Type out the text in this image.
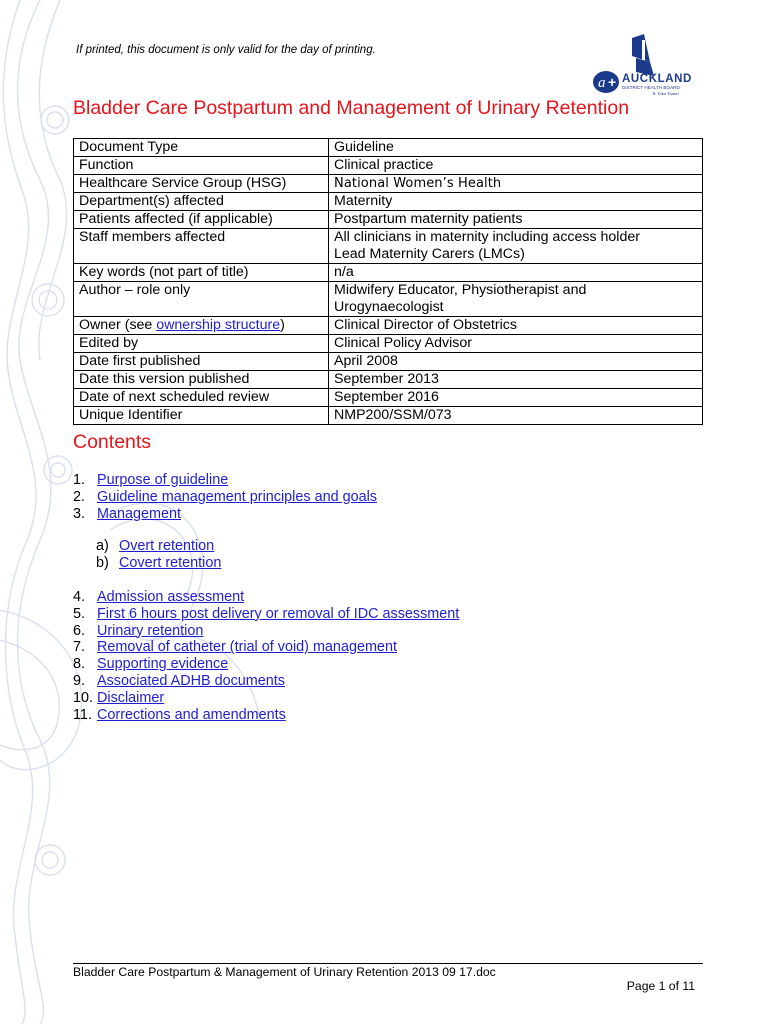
If printed, this document is only valid for the day of printing.
a + AUCKLAND
DISTRICT HEALTH BOARD
Te Toka Tumai
Bladder Care Postpartum and Management of Urinary Retention
Document Type	Guideline

Function	Clinical practice

Healthcare Service Group (HSG)	National Women’s Health

Department(s) affected	Maternity

Patients affected (if applicable)	Postpartum maternity patients

Staff members affected	All clinicians in maternity including access holder
Lead Maternity Carers (LMCs)

Key words (not part of title)	n/a

Author – role only	Midwifery Educator, Physiotherapist and
Urogynaecologist

Owner (see ownership structure)	Clinical Director of Obstetrics

Edited by	Clinical Policy Advisor

Date first published	April 2008

Date this version published	September 2013

Date of next scheduled review	September 2016

Unique Identifier	NMP200/SSM/073
Contents
1. Purpose of guideline
2. Guideline management principles and goals
3. Management
a) Overt retention
b) Covert retention
4. Admission assessment
5. First 6 hours post delivery or removal of IDC assessment
6. Urinary retention
7. Removal of catheter (trial of void) management
8. Supporting evidence
9. Associated ADHB documents
10. Disclaimer
11. Corrections and amendments
Bladder Care Postpartum & Management of Urinary Retention 2013 09 17.doc
Page 1 of 11
